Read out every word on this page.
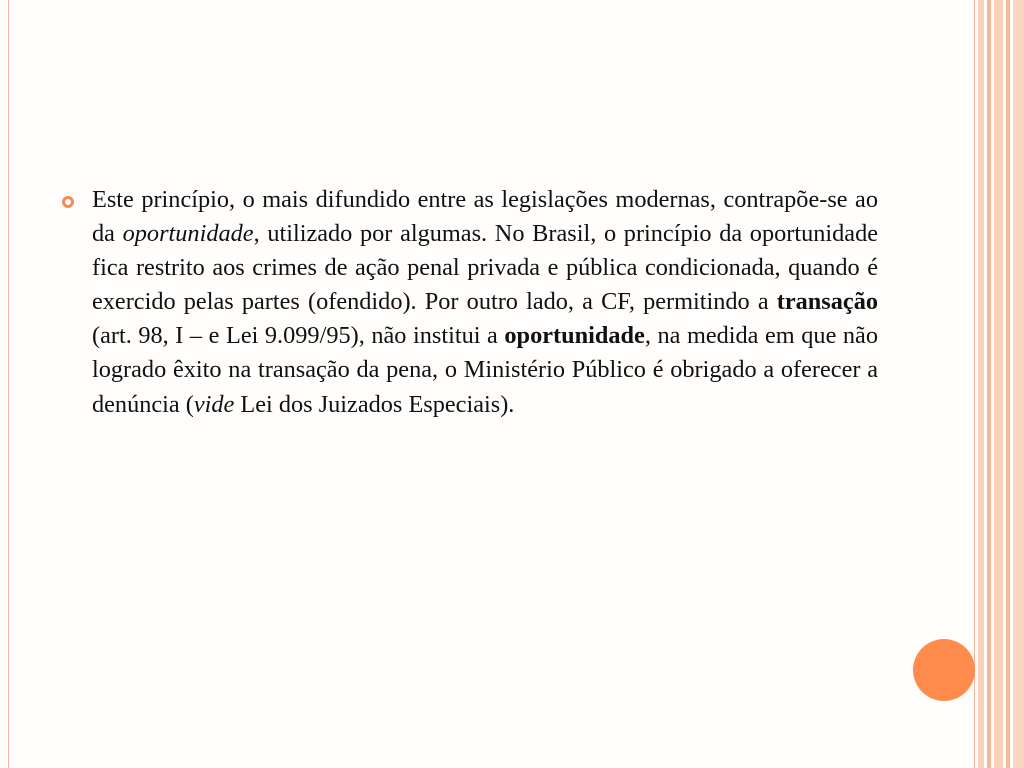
Este princípio, o mais difundido entre as legislações modernas, contrapõe-se ao da oportunidade, utilizado por algumas. No Brasil, o princípio da oportunidade fica restrito aos crimes de ação penal privada e pública condicionada, quando é exercido pelas partes (ofendido). Por outro lado, a CF, permitindo a transação (art. 98, I – e Lei 9.099/95), não institui a oportunidade, na medida em que não logrado êxito na transação da pena, o Ministério Público é obrigado a oferecer a denúncia (vide Lei dos Juizados Especiais).
